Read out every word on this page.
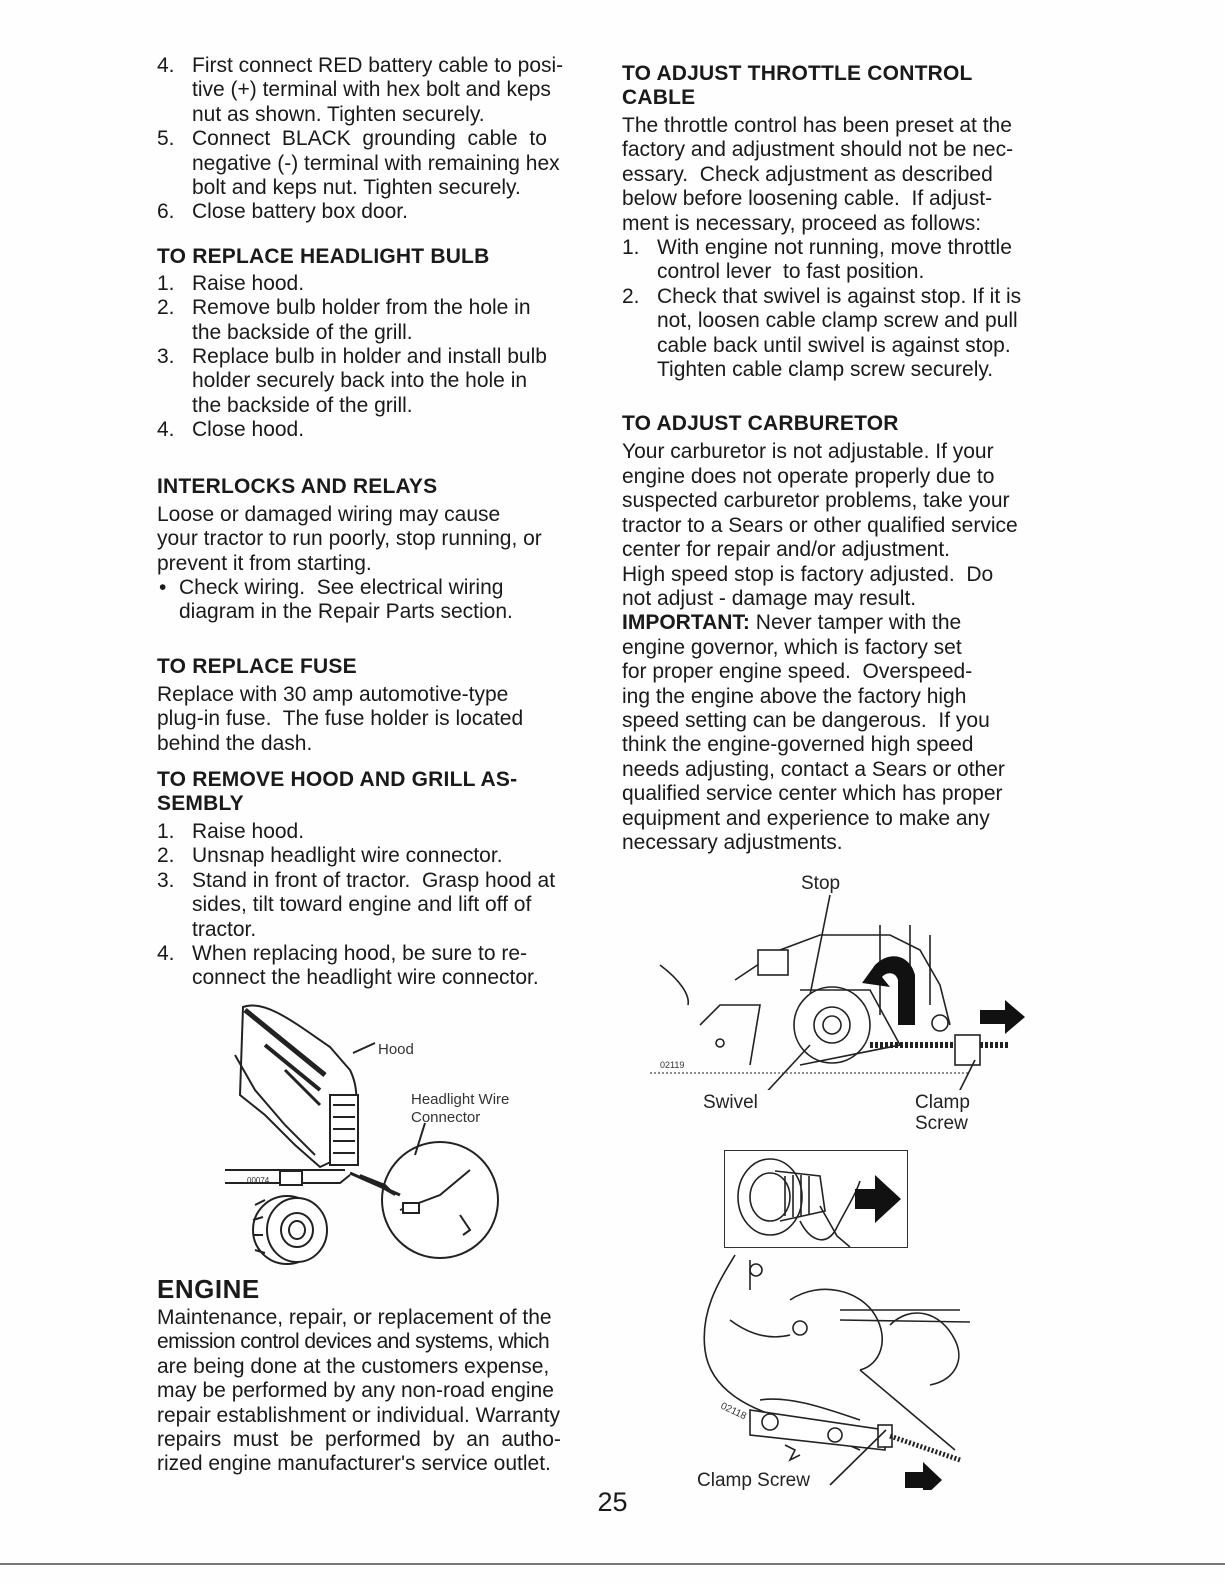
4. First connect RED battery cable to posi-
tive (+) terminal with hex bolt and keps
nut as shown. Tighten securely.
5. Connect  BLACK  grounding  cable  to
negative (-) terminal with remaining hex
bolt and keps nut. Tighten securely.
6. Close battery box door.
TO REPLACE HEADLIGHT BULB
1. Raise hood.
2. Remove bulb holder from the hole in
the backside of the grill.
3. Replace bulb in holder and install bulb
holder securely back into the hole in
the backside of the grill.
4. Close hood.
INTERLOCKS AND RELAYS
Loose or damaged wiring may cause
your tractor to run poorly, stop running, or
prevent it from starting.
• Check wiring.  See electrical wiring
diagram in the Repair Parts section.
TO REPLACE FUSE
Replace with 30 amp automotive-type
plug-in fuse.  The fuse holder is located
behind the dash.
TO REMOVE HOOD AND GRILL AS-
SEMBLY
1. Raise hood.
2. Unsnap headlight wire connector.
3. Stand in front of tractor.  Grasp hood at
sides, tilt toward engine and lift off of
tractor.
4. When replacing hood, be sure to re-
connect the headlight wire connector.
00074
Hood
Headlight Wire
Connector
ENGINE
Maintenance, repair, or replacement of the
emission control devices and systems, which
are being done at the customers expense,
may be performed by any non-road engine
repair establishment or individual. Warranty
repairs  must  be  performed  by  an  autho-
rized engine manufacturer's service outlet.
TO ADJUST THROTTLE CONTROL
CABLE
The throttle control has been preset at the
factory and adjustment should not be nec-
essary.  Check adjustment as described
below before loosening cable.  If adjust-
ment is necessary, proceed as follows:
1. With engine not running, move throttle
control lever  to fast position.
2. Check that swivel is against stop. If it is
not, loosen cable clamp screw and pull
cable back until swivel is against stop.
Tighten cable clamp screw securely.
TO ADJUST CARBURETOR
Your carburetor is not adjustable. If your
engine does not operate properly due to
suspected carburetor problems, take your
tractor to a Sears or other qualified service
center for repair and/or adjustment.
High speed stop is factory adjusted.  Do
not adjust - damage may result.
IMPORTANT: Never tamper with the
engine governor, which is factory set
for proper engine speed.  Overspeed-
ing the engine above the factory high
speed setting can be dangerous.  If you
think the engine-governed high speed
needs adjusting, contact a Sears or other
qualified service center which has proper
equipment and experience to make any
necessary adjustments.
Stop
02119
Swivel	Clamp
Screw
02118
Clamp Screw
25
